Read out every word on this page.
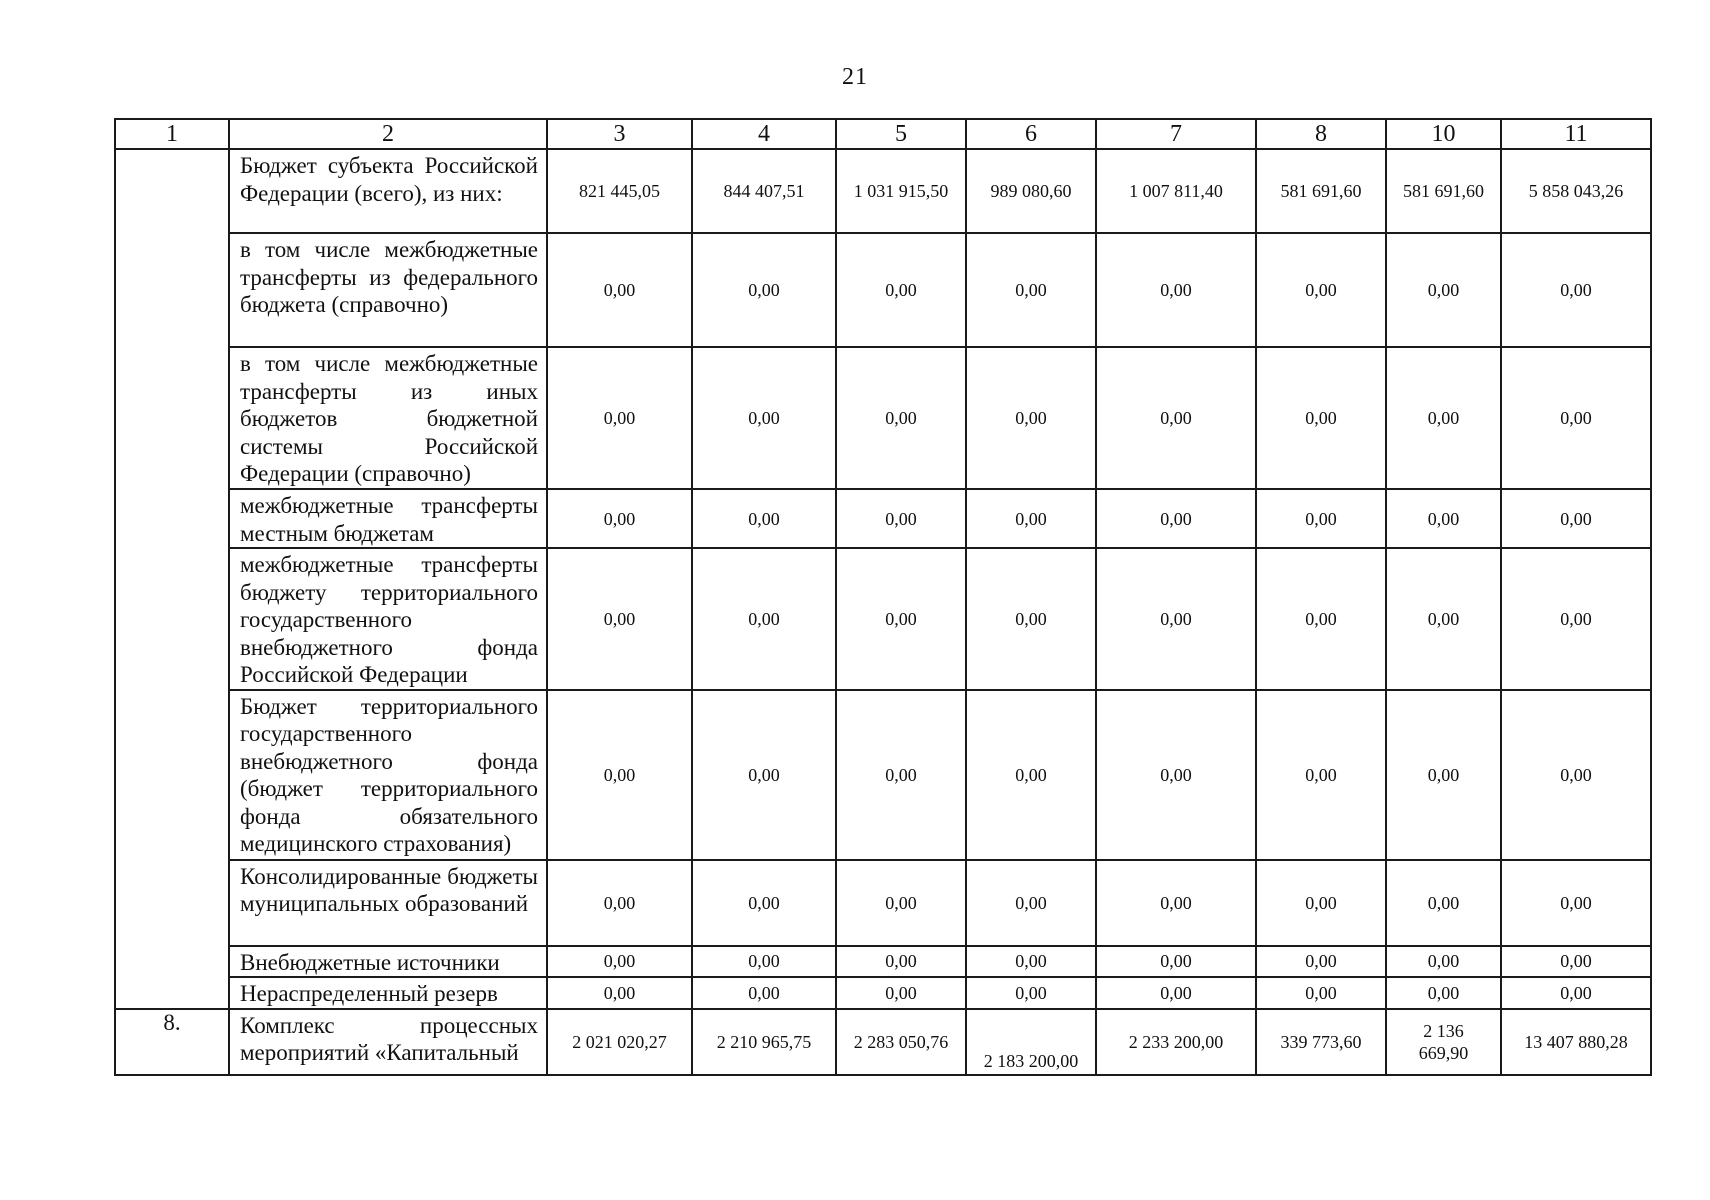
21
1	2	3	4	5	6	7	8	10	11
	Бюджет субъекта Российской Федерации (всего), из них:	821 445,05	844 407,51	1 031 915,50	989 080,60	1 007 811,40	581 691,60	581 691,60	5 858 043,26
	в том числе межбюджетные трансферты из федерального бюджета (справочно)	0,00	0,00	0,00	0,00	0,00	0,00	0,00	0,00
	в том числе межбюджетные трансферты из иных бюджетов бюджетной системы Российской Федерации (справочно)	0,00	0,00	0,00	0,00	0,00	0,00	0,00	0,00
	межбюджетные трансферты местным бюджетам	0,00	0,00	0,00	0,00	0,00	0,00	0,00	0,00
	межбюджетные трансферты бюджету территориального государственного внебюджетного фонда Российской Федерации	0,00	0,00	0,00	0,00	0,00	0,00	0,00	0,00
	Бюджет территориального государственного внебюджетного фонда (бюджет территориального фонда обязательного медицинского страхования)	0,00	0,00	0,00	0,00	0,00	0,00	0,00	0,00
	Консолидированные бюджеты муниципальных образований	0,00	0,00	0,00	0,00	0,00	0,00	0,00	0,00
	Внебюджетные источники	0,00	0,00	0,00	0,00	0,00	0,00	0,00	0,00
	Нераспределенный резерв	0,00	0,00	0,00	0,00	0,00	0,00	0,00	0,00
8.	Комплекс процессных мероприятий «Капитальный	2 021 020,27	2 210 965,75	2 283 050,76	2 183 200,00	2 233 200,00	339 773,60	2 136 669,90	13 407 880,28
